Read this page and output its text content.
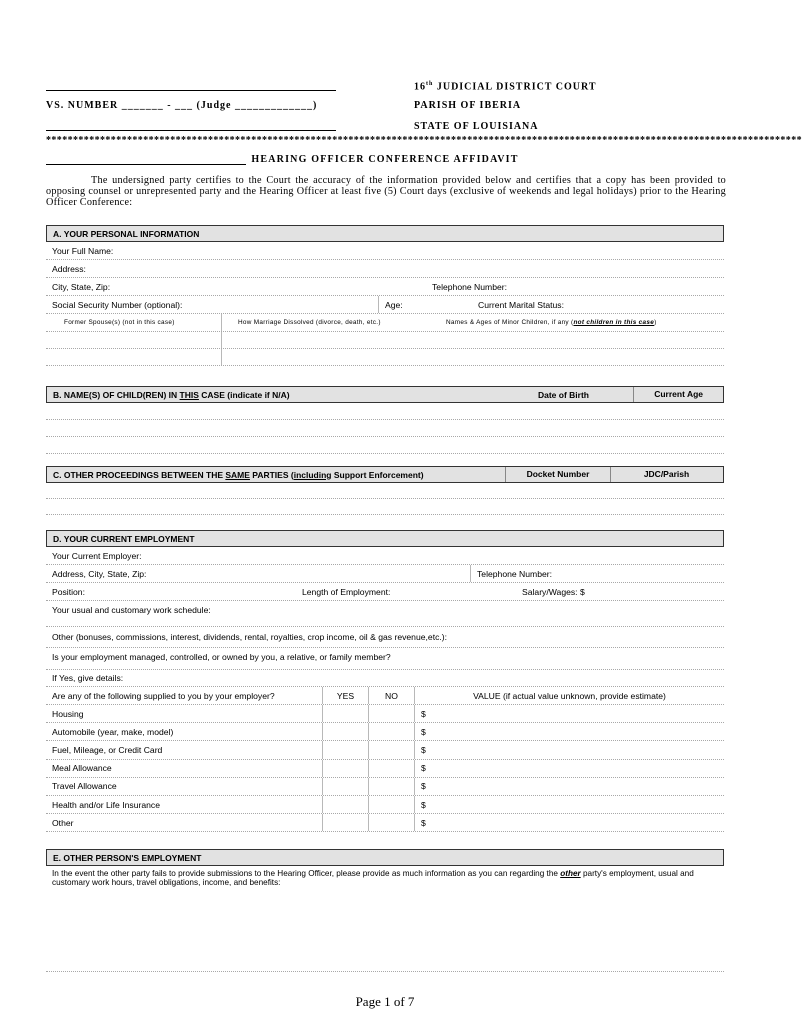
VS. NUMBER _______ - ___ (Judge _____________)
16th JUDICIAL DISTRICT COURT
PARISH OF IBERIA
STATE OF LOUISIANA
********************************************************************************************************************************************
HEARING OFFICER CONFERENCE AFFIDAVIT
The undersigned party certifies to the Court the accuracy of the information provided below and certifies that a copy has been provided to opposing counsel or unrepresented party and the Hearing Officer at least five (5) Court days (exclusive of weekends and legal holidays) prior to the Hearing Officer Conference:
A. YOUR PERSONAL INFORMATION
Your Full Name:
Address:
City, State, Zip:	Telephone Number:
Social Security Number (optional):	Age:	Current Marital Status:
Former Spouse(s) (not in this case)	How Marriage Dissolved (divorce, death, etc.)	Names & Ages of Minor Children, if any ( not children in this case )
B. NAME(S) OF CHILD(REN) IN THIS CASE (indicate if N/A)	Date of Birth	Current Age
C. OTHER PROCEEDINGS BETWEEN THE SAME PARTIES (including Support Enforcement)	Docket Number	JDC/Parish
D. YOUR CURRENT EMPLOYMENT
Your Current Employer:
Address, City, State, Zip:	Telephone Number:
Position:	Length of Employment:	Salary/Wages: $
Your usual and customary work schedule:
Other (bonuses, commissions, interest, dividends, rental, royalties, crop income, oil & gas revenue,etc.):
Is your employment managed, controlled, or owned by you, a relative, or family member?
If Yes, give details:
Are any of the following supplied to you by your employer?	YES	NO	VALUE (if actual value unknown, provide estimate)
Housing	$
Automobile (year, make, model)	$
Fuel, Mileage, or Credit Card	$
Meal Allowance	$
Travel Allowance	$
Health and/or Life Insurance	$
Other	$
E. OTHER PERSON'S EMPLOYMENT
In the event the other party fails to provide submissions to the Hearing Officer, please provide as much information as you can regarding the other party's employment, usual and customary work hours, travel obligations, income, and benefits:
Page 1 of 7
